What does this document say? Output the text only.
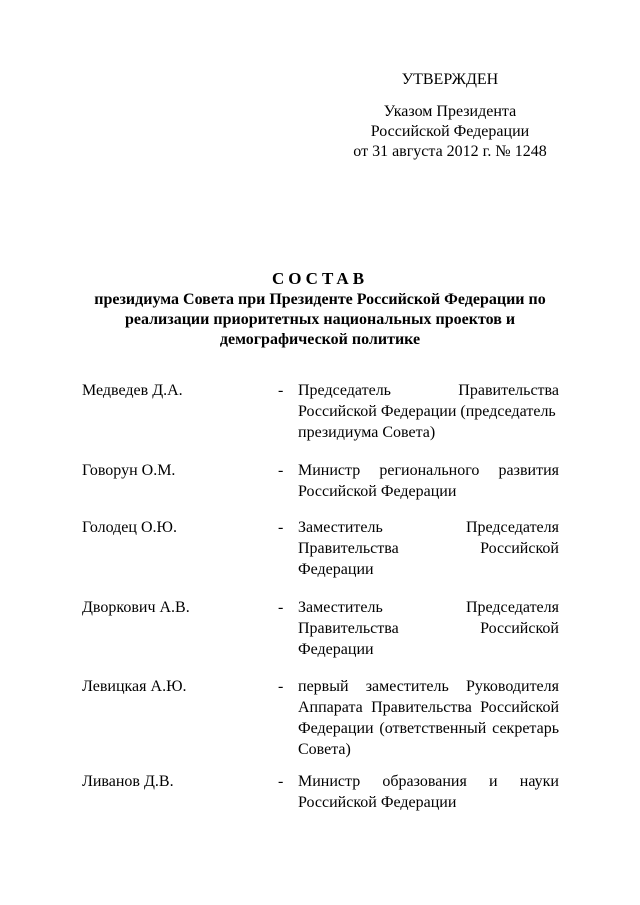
УТВЕРЖДЕН
Указом Президента
Российской Федерации
от 31 августа 2012 г. № 1248
СОСТАВ
президиума Совета при Президенте Российской Федерации по
реализации приоритетных национальных проектов и
демографической политике
Медведев Д.А.	- Председатель Правительства
Российской Федерации (председатель
президиума Совета)
Говорун О.М.	- Министр регионального развития
Российской Федерации
Голодец О.Ю.	- Заместитель Председателя
Правительства Российской
Федерации
Дворкович А.В.	- Заместитель Председателя
Правительства Российской
Федерации
Левицкая А.Ю.	- первый заместитель Руководителя
Аппарата Правительства Российской
Федерации (ответственный секретарь
Совета)
Ливанов Д.В.	- Министр образования и науки
Российской Федерации
